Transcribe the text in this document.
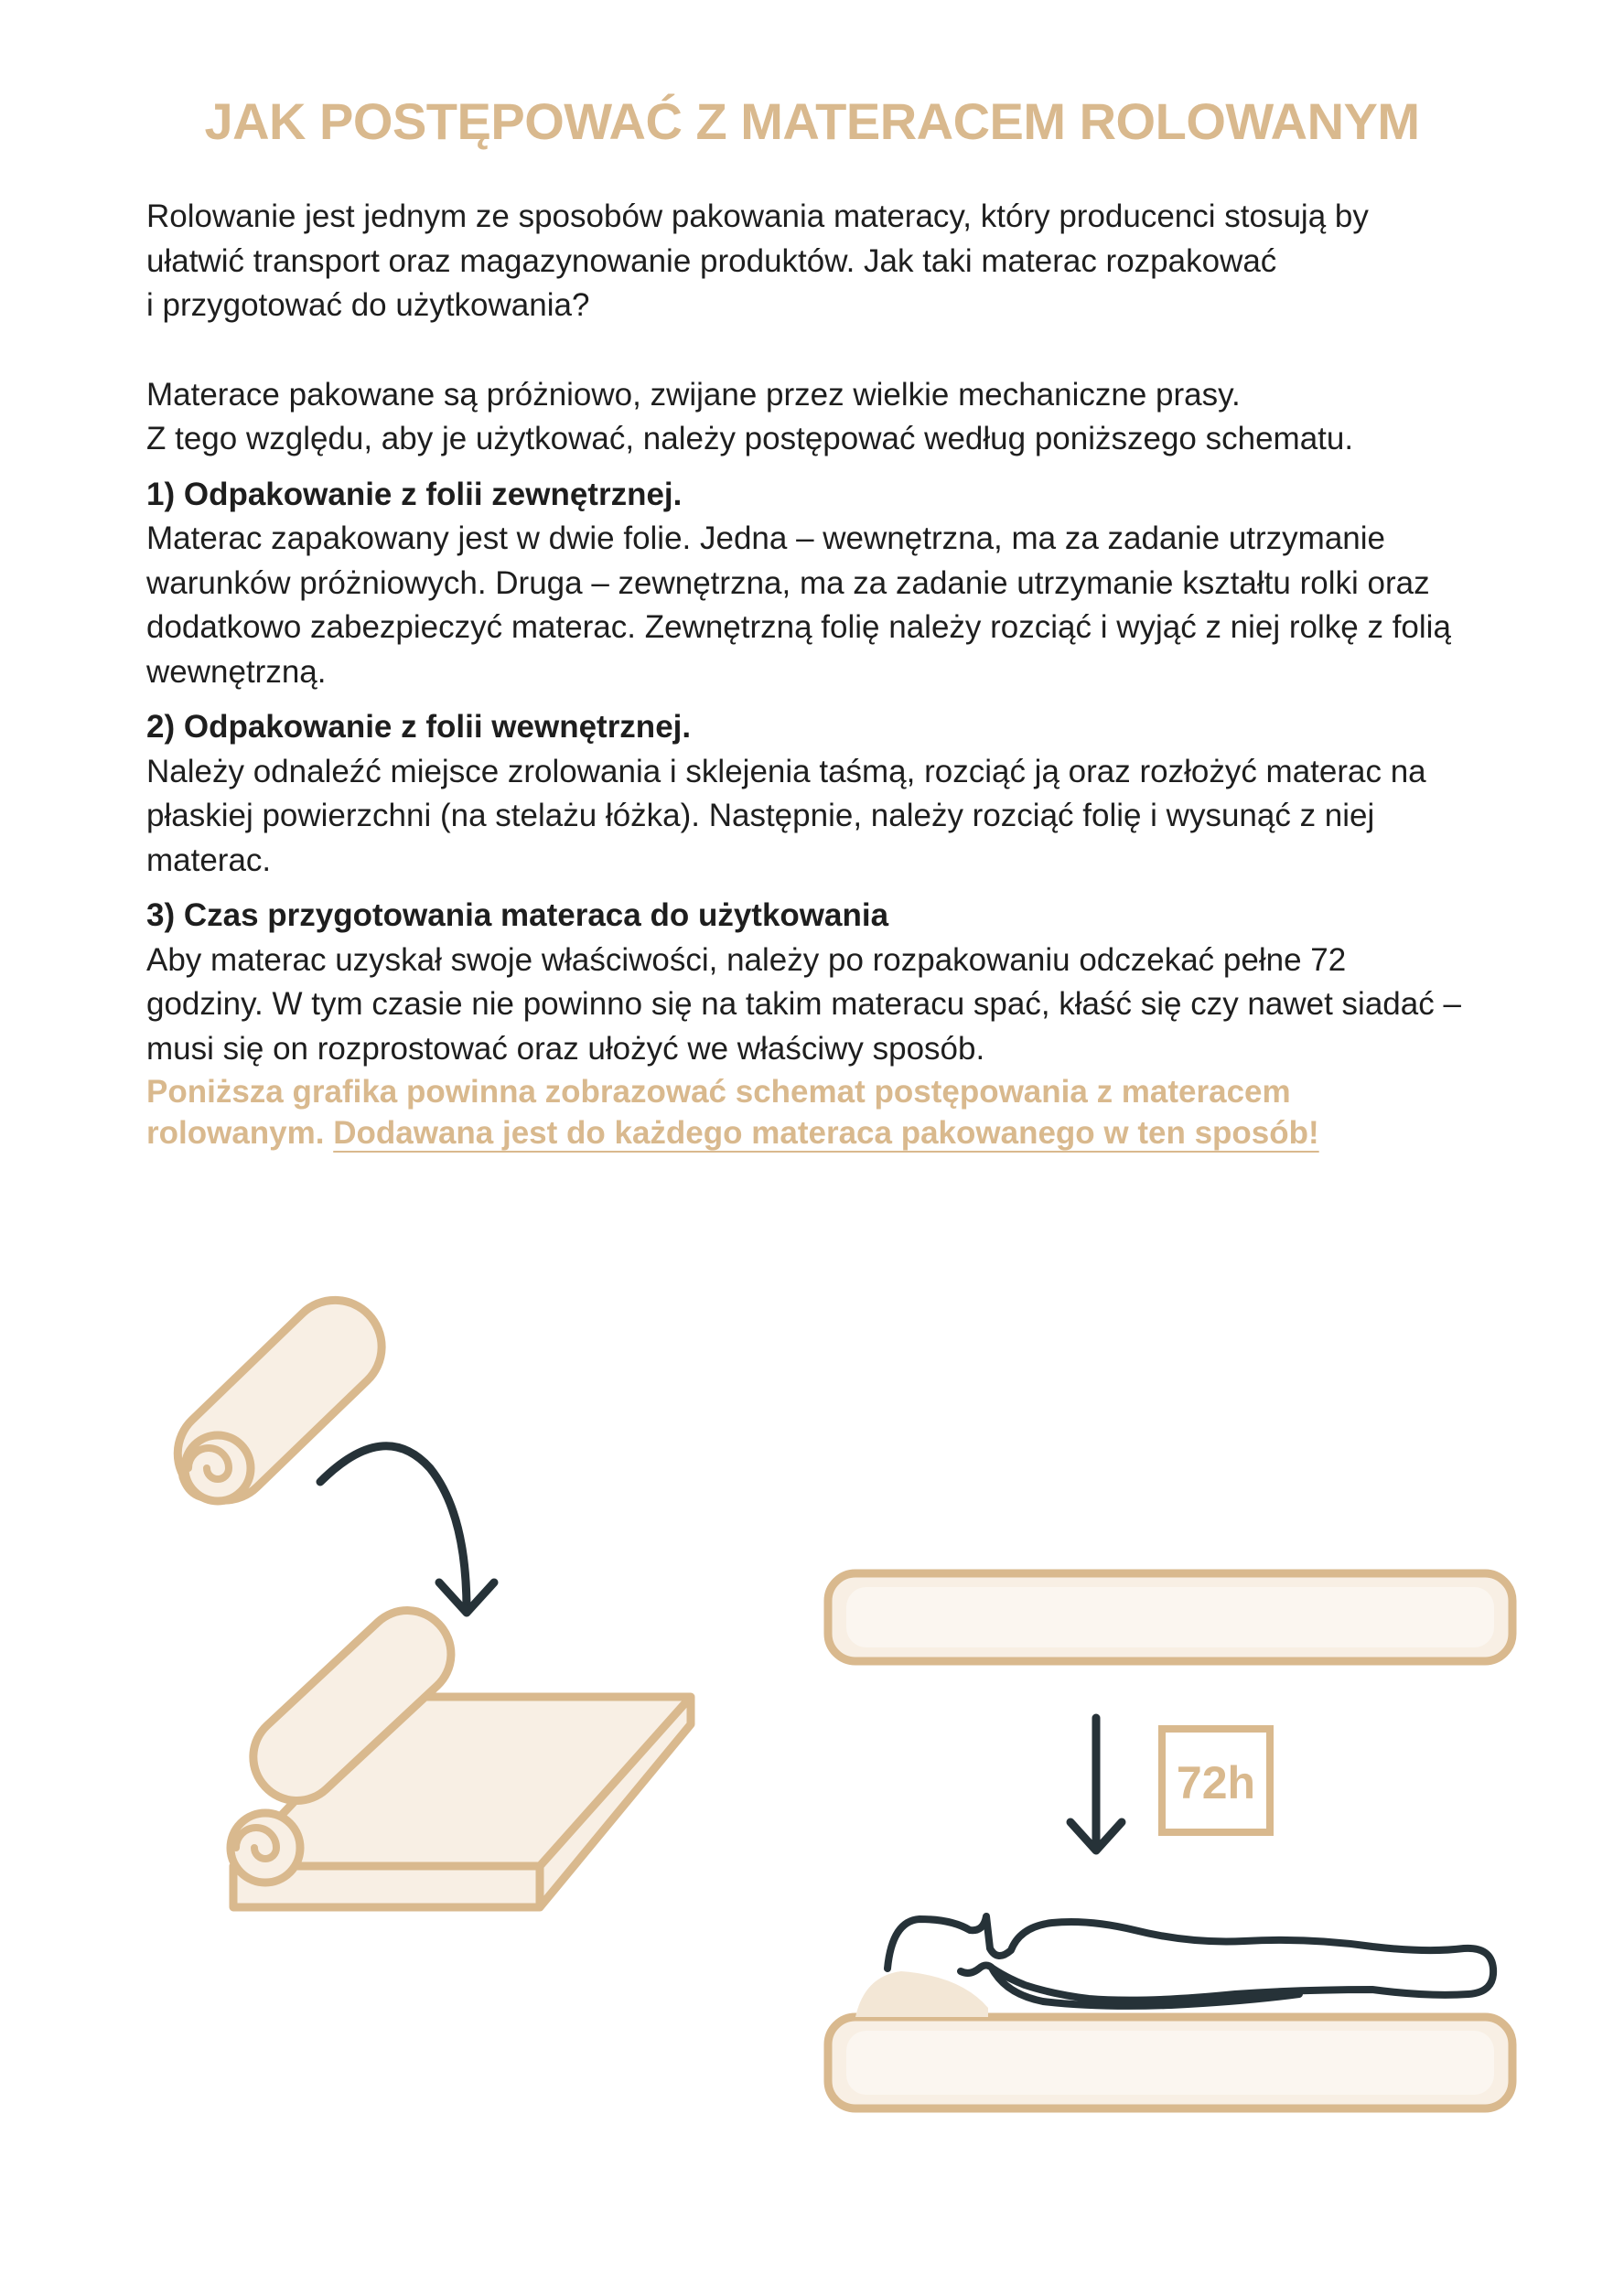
JAK POSTĘPOWAĆ Z MATERACEM ROLOWANYM

Rolowanie jest jednym ze sposobów pakowania materacy, który producenci stosują by
ułatwić transport oraz magazynowanie produktów. Jak taki materac rozpakować
i przygotować do użytkowania?

Materace pakowane są próżniowo, zwijane przez wielkie mechaniczne prasy.
Z tego względu, aby je użytkować, należy postępować według poniższego schematu.

1) Odpakowanie z folii zewnętrznej.
Materac zapakowany jest w dwie folie. Jedna – wewnętrzna, ma za zadanie utrzymanie
warunków próżniowych. Druga – zewnętrzna, ma za zadanie utrzymanie kształtu rolki oraz
dodatkowo zabezpieczyć materac. Zewnętrzną folię należy rozciąć i wyjąć z niej rolkę z folią
wewnętrzną.

2) Odpakowanie z folii wewnętrznej.
Należy odnaleźć miejsce zrolowania i sklejenia taśmą, rozciąć ją oraz rozłożyć materac na
płaskiej powierzchni (na stelażu łóżka). Następnie, należy rozciąć folię i wysunąć z niej
materac.

3) Czas przygotowania materaca do użytkowania
Aby materac uzyskał swoje właściwości, należy po rozpakowaniu odczekać pełne 72
godziny. W tym czasie nie powinno się na takim materacu spać, kłaść się czy nawet siadać –
musi się on rozprostować oraz ułożyć we właściwy sposób.

Poniższa grafika powinna zobrazować schemat postępowania z materacem
rolowanym. Dodawana jest do każdego materaca pakowanego w ten sposób!

72h
